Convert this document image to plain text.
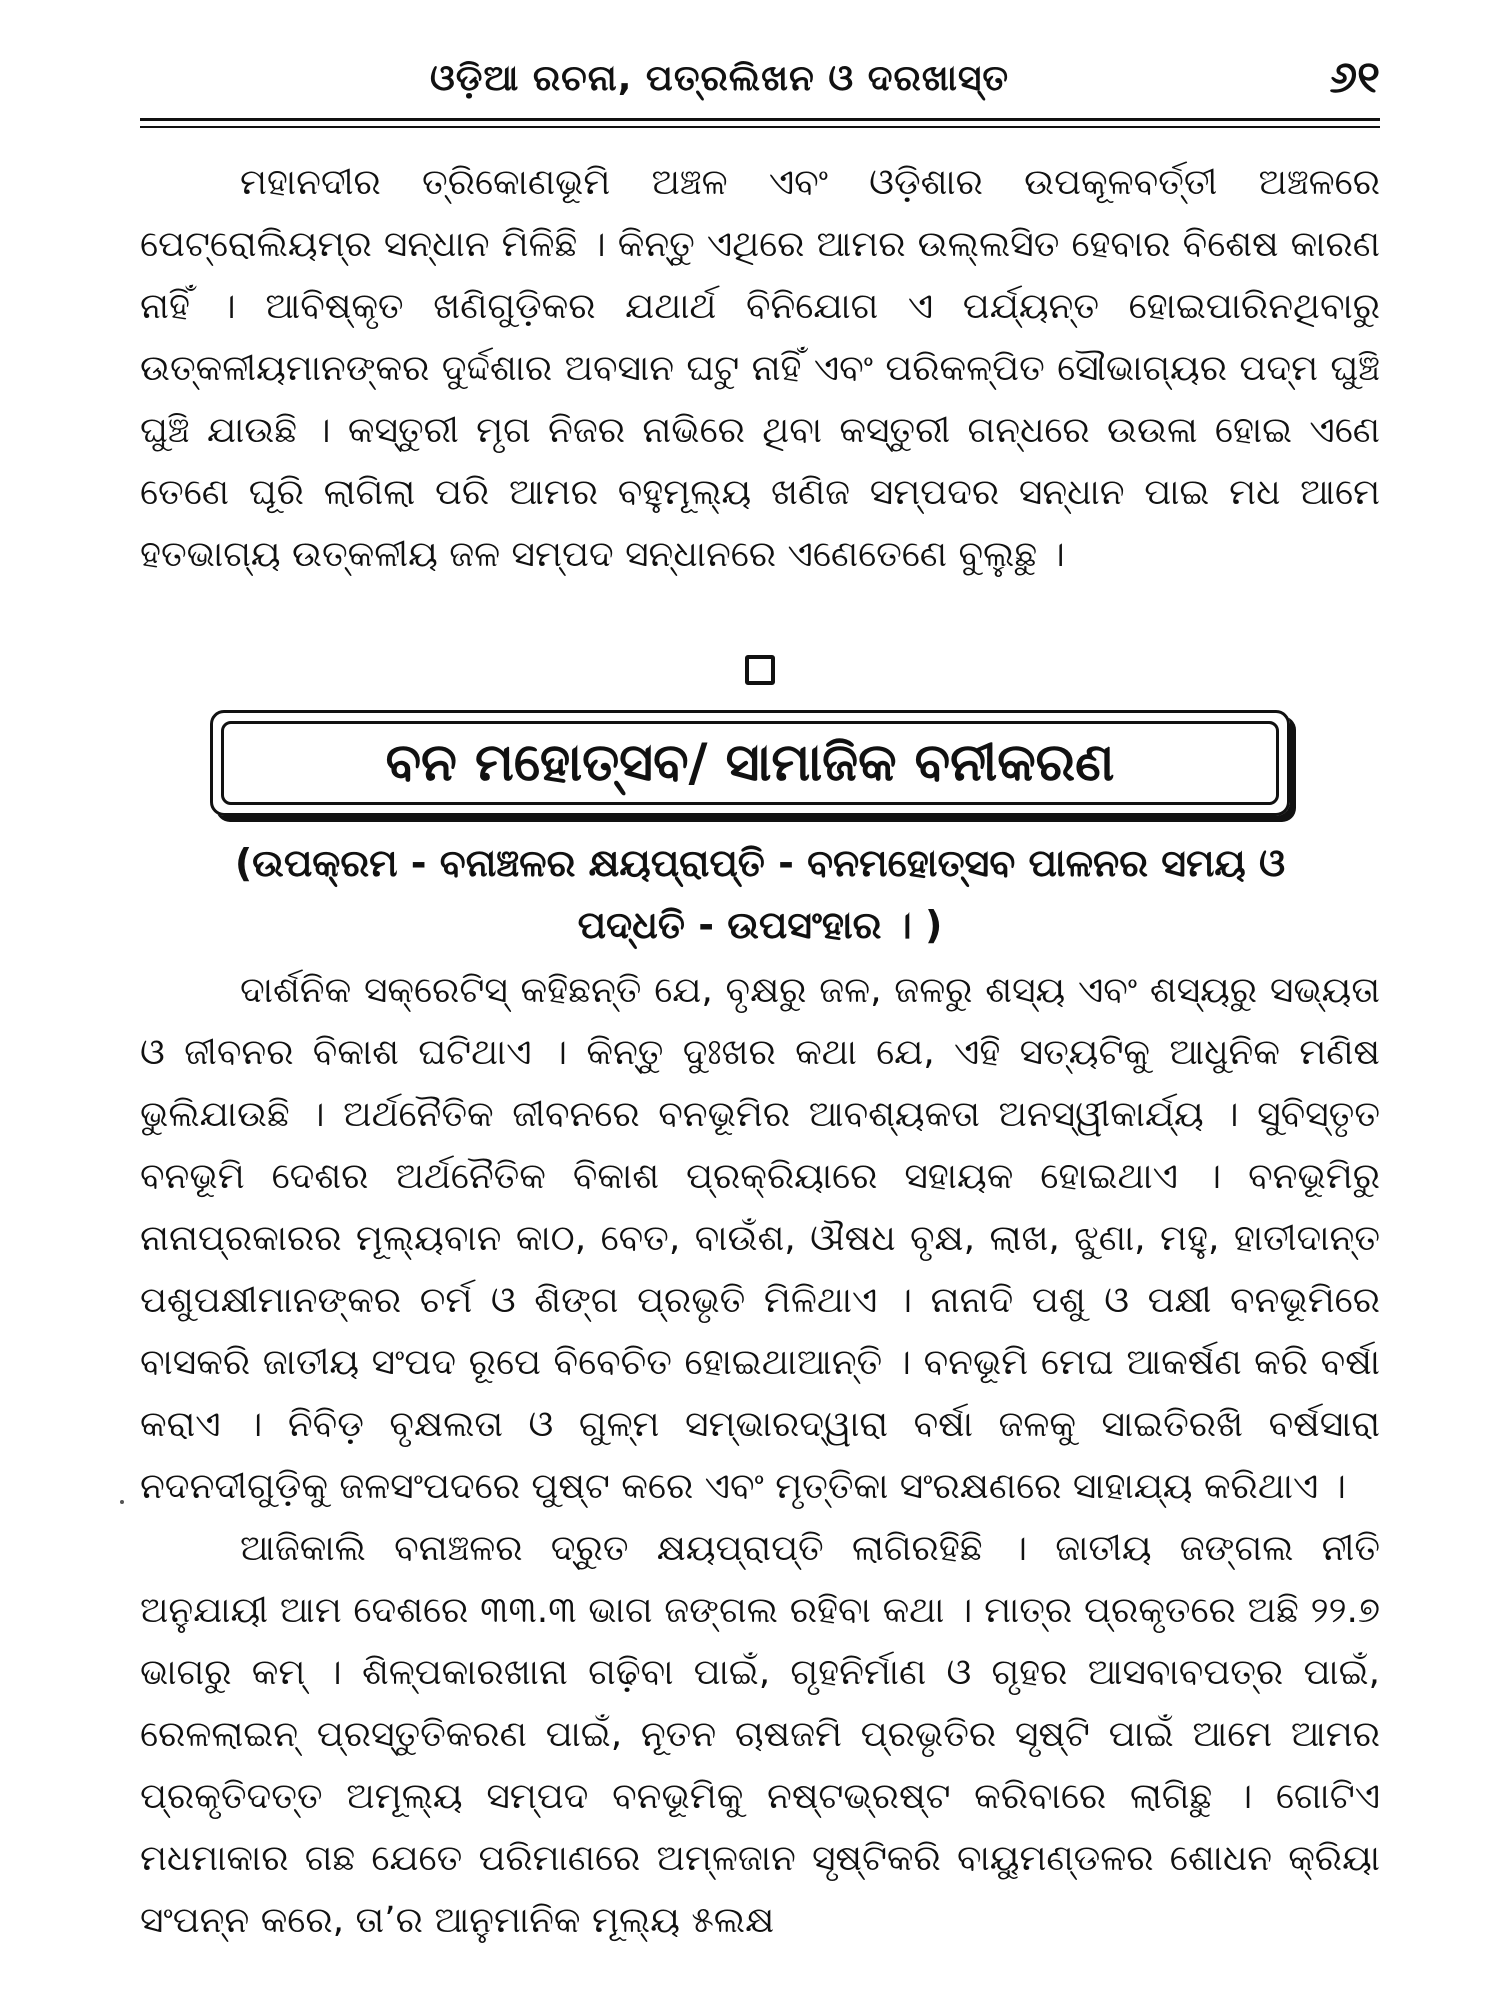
ଓଡ଼ିଆ ରଚନା, ପତ୍ରଲିଖନ ଓ ଦରଖାସ୍ତ	୬୧

ମହାନଦୀର ତ୍ରିକୋଣଭୂମି ଅଞ୍ଚଳ ଏବଂ ଓଡ଼ିଶାର ଉପକୂଳବର୍ତ୍ତୀ ଅଞ୍ଚଳରେ ପେଟ୍ରୋଲିୟମ୍‌ର ସନ୍ଧାନ ମିଳିଛି । କିନ୍ତୁ ଏଥିରେ ଆମର ଉଲ୍ଲସିତ ହେବାର ବିଶେଷ କାରଣ ନାହିଁ । ଆବିଷ୍କୃତ ଖଣିଗୁଡ଼ିକର ଯଥାର୍ଥ ବିନିଯୋଗ ଏ ପର୍ଯ୍ୟନ୍ତ ହୋଇପାରିନଥିବାରୁ ଉତ୍କଳୀୟମାନଙ୍କର ଦୁର୍ଦ୍ଦଶାର ଅବସାନ ଘଟୁ ନାହିଁ ଏବଂ ପରିକଳ୍ପିତ ସୌଭାଗ୍ୟର ପଦ୍ମ ଘୁଞ୍ଚି ଘୁଞ୍ଚି ଯାଉଛି । କସ୍ତୁରୀ ମୃଗ ନିଜର ନାଭିରେ ଥିବା କସ୍ତୁରୀ ଗନ୍ଧରେ ଉଉଳା ହୋଇ ଏଣେ ତେଣେ ଘୂରି ଲାଗିଲା ପରି ଆମର ବହୁମୂଲ୍ୟ ଖଣିଜ ସମ୍ପଦର ସନ୍ଧାନ ପାଇ ମଧ ଆମେ ହତଭାଗ୍ୟ ଉତ୍କଳୀୟ ଜଳ ସମ୍ପଦ ସନ୍ଧାନରେ ଏଣେତେଣେ ବୁଲୁଛୁ ।

ବନ ମହୋତ୍ସବ/ ସାମାଜିକ ବନୀକରଣ
(ଉପକ୍ରମ - ବନାଞ୍ଚଳର କ୍ଷୟପ୍ରାପ୍ତି - ବନମହୋତ୍ସବ ପାଳନର ସମୟ ଓ
ପଦ୍ଧତି - ଉପସଂହାର । )

ଦାର୍ଶନିକ ସକ୍ରେଟିସ୍‌ କହିଛନ୍ତି ଯେ, ବୃକ୍ଷରୁ ଜଳ, ଜଳରୁ ଶସ୍ୟ ଏବଂ ଶସ୍ୟରୁ ସଭ୍ୟତା ଓ ଜୀବନର ବିକାଶ ଘଟିଥାଏ । କିନ୍ତୁ ଦୁଃଖର କଥା ଯେ, ଏହି ସତ୍ୟଟିକୁ ଆଧୁନିକ ମଣିଷ ଭୁଲିଯାଉଛି । ଅର୍ଥନୈତିକ ଜୀବନରେ ବନଭୂମିର ଆବଶ୍ୟକତା ଅନସ୍ୱୀକାର୍ଯ୍ୟ । ସୁବିସ୍ତୃତ ବନଭୂମି ଦେଶର ଅର୍ଥନୈତିକ ବିକାଶ ପ୍ରକ୍ରିୟାରେ ସହାୟକ ହୋଇଥାଏ । ବନଭୂମିରୁ ନାନାପ୍ରକାରର ମୂଲ୍ୟବାନ କାଠ, ବେତ, ବାଉଁଶ, ଔଷଧ ବୃକ୍ଷ, ଲାଖ, ଝୁଣା, ମହୁ, ହାତୀଦାନ୍ତ ପଶୁପକ୍ଷୀମାନଙ୍କର ଚର୍ମ ଓ ଶିଙ୍ଗ ପ୍ରଭୃତି ମିଳିଥାଏ । ନାନାଦି ପଶୁ ଓ ପକ୍ଷୀ ବନଭୂମିରେ ବାସକରି ଜାତୀୟ ସଂପଦ ରୂପେ ବିବେଚିତ ହୋଇଥାଆନ୍ତି । ବନଭୂମି ମେଘ ଆକର୍ଷଣ କରି ବର୍ଷା କରାଏ । ନିବିଡ଼ ବୃକ୍ଷଲତା ଓ ଗୁଳ୍ମ ସମ୍ଭାରଦ୍ୱାରା ବର୍ଷା ଜଳକୁ ସାଇତିରଖି ବର୍ଷସାରା ନଦନଦୀଗୁଡ଼ିକୁ ଜଳସଂପଦରେ ପୁଷ୍ଟ କରେ ଏବଂ ମୃତ୍ତିକା ସଂରକ୍ଷଣରେ ସାହାଯ୍ୟ କରିଥାଏ ।

ଆଜିକାଲି ବନାଞ୍ଚଳର ଦ୍ରୁତ କ୍ଷୟପ୍ରାପ୍ତି ଲାଗିରହିଛି । ଜାତୀୟ ଜଙ୍ଗଲ ନୀତି ଅନୁଯାୟୀ ଆମ ଦେଶରେ ୩୩.୩ ଭାଗ ଜଙ୍ଗଲ ରହିବା କଥା । ମାତ୍ର ପ୍ରକୃତରେ ଅଛି ୨୨.୭ ଭାଗରୁ କମ୍‌ । ଶିଳ୍ପକାରଖାନା ଗଢ଼ିବା ପାଇଁ, ଗୃହନିର୍ମାଣ ଓ ଗୃହର ଆସବାବପତ୍ର ପାଇଁ, ରେଳଲାଇନ୍‌ ପ୍ରସ୍ତୁତିକରଣ ପାଇଁ, ନୂତନ ଚାଷଜମି ପ୍ରଭୃତିର ସୃଷ୍ଟି ପାଇଁ ଆମେ ଆମର ପ୍ରକୃତିଦତ୍ତ ଅମୂଲ୍ୟ ସମ୍ପଦ ବନଭୂମିକୁ ନଷ୍ଟଭ୍ରଷ୍ଟ କରିବାରେ ଲାଗିଛୁ । ଗୋଟିଏ ମଧମାକାର ଗଛ ଯେତେ ପରିମାଣରେ ଅମ୍ଳଜାନ ସୃଷ୍ଟିକରି ବାୟୁମଣ୍ଡଳର ଶୋଧନ କ୍ରିୟା ସଂପନ୍ନ କରେ, ତା’ର ଆନୁମାନିକ ମୂଲ୍ୟ ୫ଲକ୍ଷ
